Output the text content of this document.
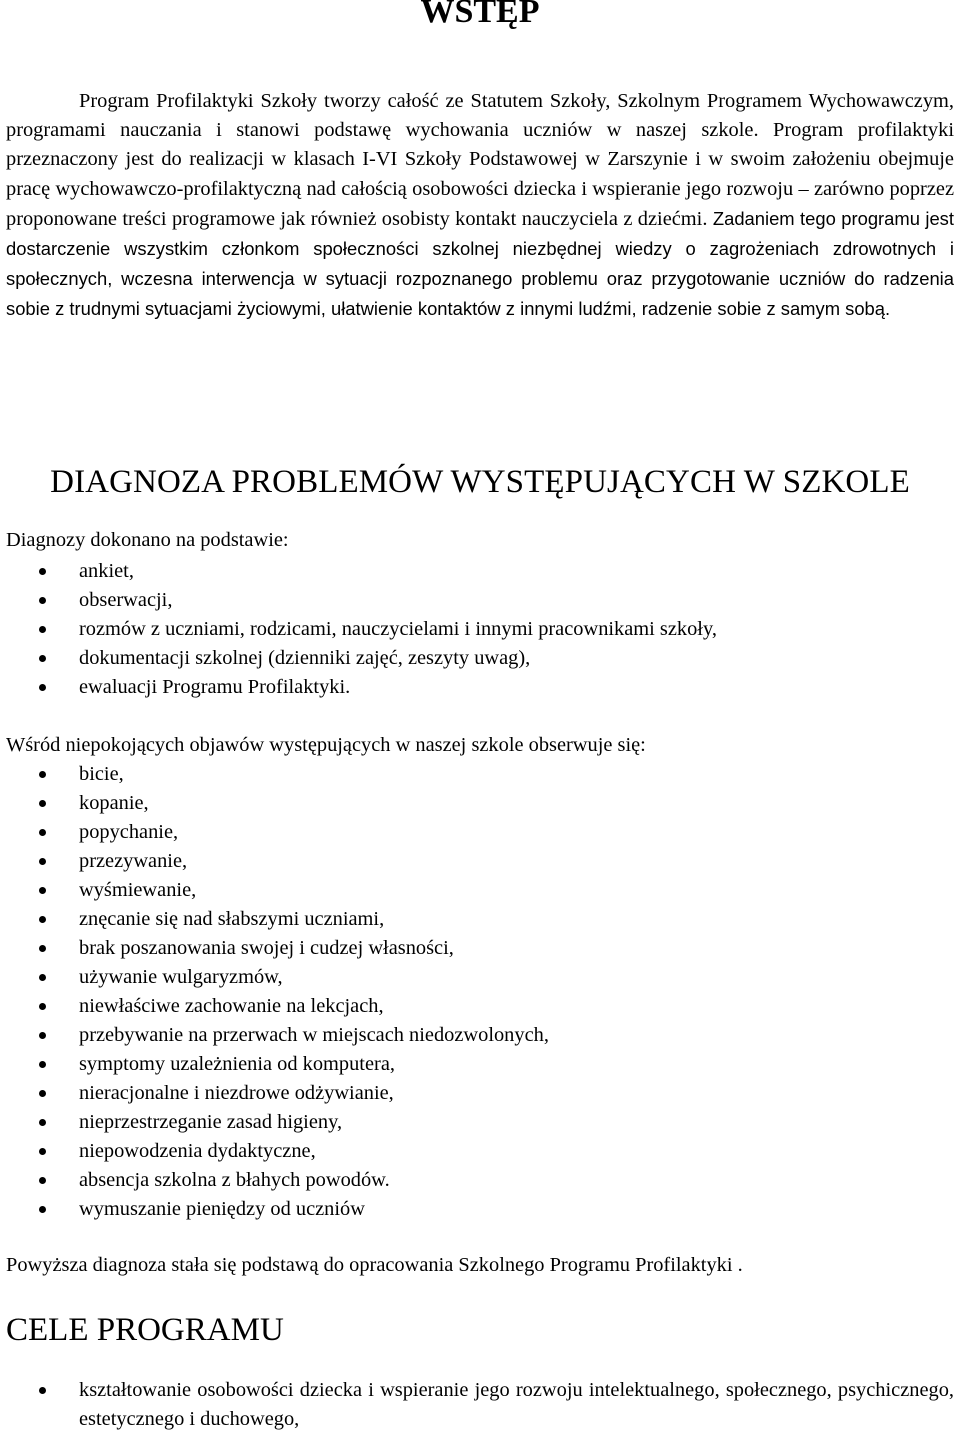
WSTĘP

Program Profilaktyki Szkoły tworzy całość ze Statutem Szkoły, Szkolnym Programem Wychowawczym, programami nauczania i stanowi podstawę wychowania uczniów w naszej szkole. Program profilaktyki przeznaczony jest do realizacji w klasach I-VI Szkoły Podstawowej w Zarszynie i w swoim założeniu obejmuje pracę wychowawczo-profilaktyczną nad całością osobowości dziecka i wspieranie jego rozwoju – zarówno poprzez proponowane treści programowe jak również osobisty kontakt nauczyciela z dziećmi. Zadaniem tego programu jest dostarczenie wszystkim członkom społeczności szkolnej niezbędnej wiedzy o zagrożeniach zdrowotnych i społecznych, wczesna interwencja w sytuacji rozpoznanego problemu oraz przygotowanie uczniów do radzenia sobie z trudnymi sytuacjami życiowymi, ułatwienie kontaktów z innymi ludźmi, radzenie sobie z samym sobą.

DIAGNOZA PROBLEMÓW WYSTĘPUJĄCYCH W SZKOLE

Diagnozy dokonano na podstawie:

ankiet,
obserwacji,
rozmów z uczniami, rodzicami, nauczycielami i innymi pracownikami szkoły,
dokumentacji szkolnej (dzienniki zajęć, zeszyty uwag),
ewaluacji Programu Profilaktyki.

Wśród niepokojących objawów występujących w naszej szkole obserwuje się:

bicie,
kopanie,
popychanie,
przezywanie,
wyśmiewanie,
znęcanie się nad słabszymi uczniami,
brak poszanowania swojej i cudzej własności,
używanie wulgaryzmów,
niewłaściwe zachowanie na lekcjach,
przebywanie na przerwach w miejscach niedozwolonych,
symptomy uzależnienia od komputera,
nieracjonalne i niezdrowe odżywianie,
nieprzestrzeganie zasad higieny,
niepowodzenia dydaktyczne,
absencja szkolna z błahych powodów.
wymuszanie pieniędzy od uczniów

Powyższa diagnoza stała się podstawą do opracowania Szkolnego Programu Profilaktyki .

CELE PROGRAMU
kształtowanie osobowości dziecka i wspieranie jego rozwoju intelektualnego, społecznego, psychicznego, estetycznego i duchowego,
